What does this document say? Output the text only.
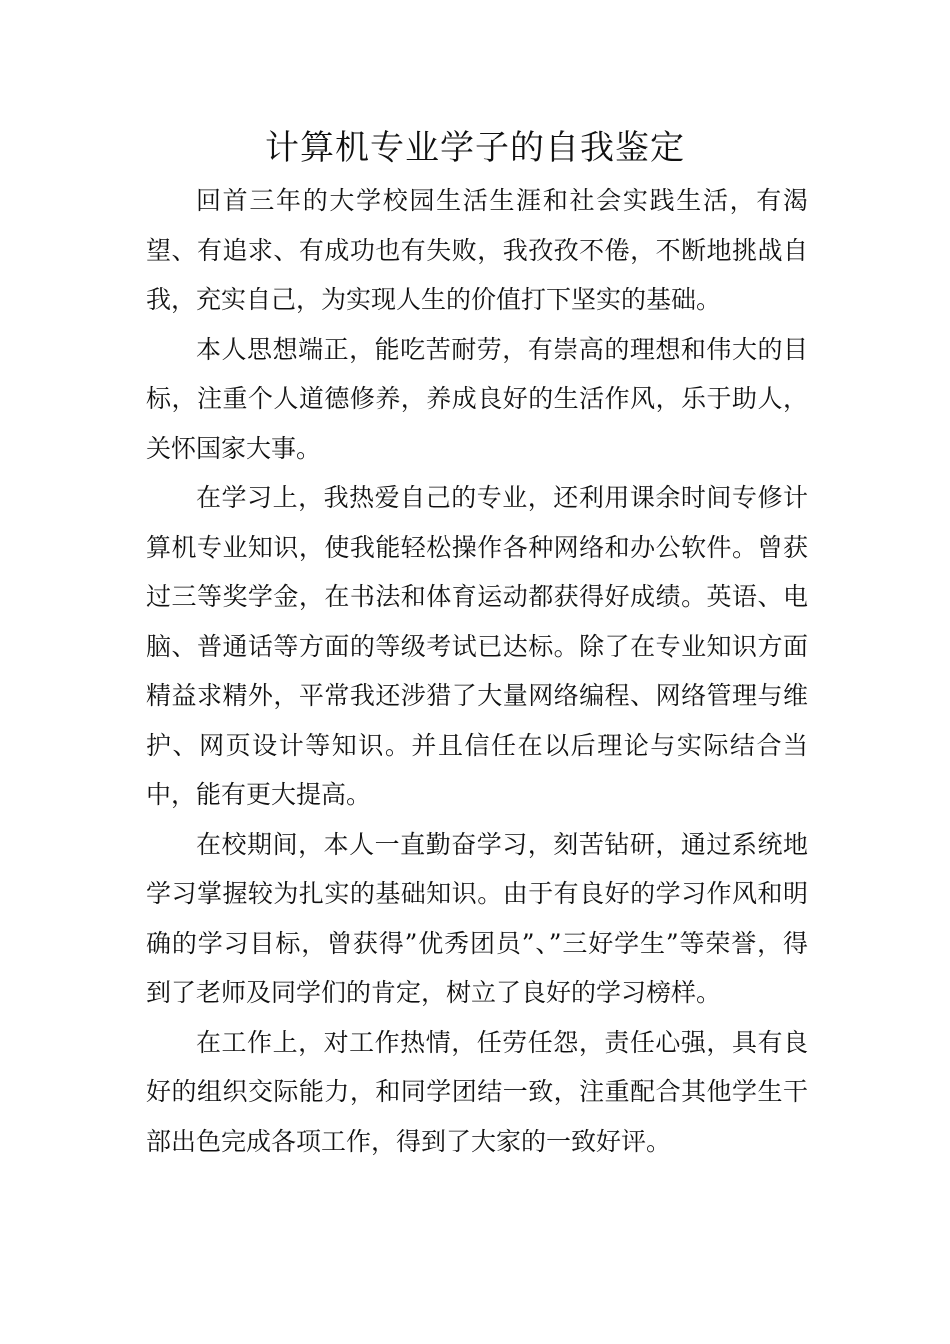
计算机专业学子的自我鉴定

回首三年的大学校园生活生涯和社会实践生活，有渴望、有追求、有成功也有失败，我孜孜不倦，不断地挑战自我，充实自己，为实现人生的价值打下坚实的基础。

本人思想端正，能吃苦耐劳，有崇高的理想和伟大的目标，注重个人道德修养，养成良好的生活作风，乐于助人，关怀国家大事。

在学习上，我热爱自己的专业，还利用课余时间专修计算机专业知识，使我能轻松操作各种网络和办公软件。曾获过三等奖学金，在书法和体育运动都获得好成绩。英语、电脑、普通话等方面的等级考试已达标。除了在专业知识方面精益求精外，平常我还涉猎了大量网络编程、网络管理与维护、网页设计等知识。并且信任在以后理论与实际结合当中，能有更大提高。

在校期间，本人一直勤奋学习，刻苦钻研，通过系统地学习掌握较为扎实的基础知识。由于有良好的学习作风和明确的学习目标，曾获得”优秀团员”、”三好学生”等荣誉，得到了老师及同学们的肯定，树立了良好的学习榜样。

在工作上，对工作热情，任劳任怨，责任心强，具有良好的组织交际能力，和同学团结一致，注重配合其他学生干部出色完成各项工作，得到了大家的一致好评。
